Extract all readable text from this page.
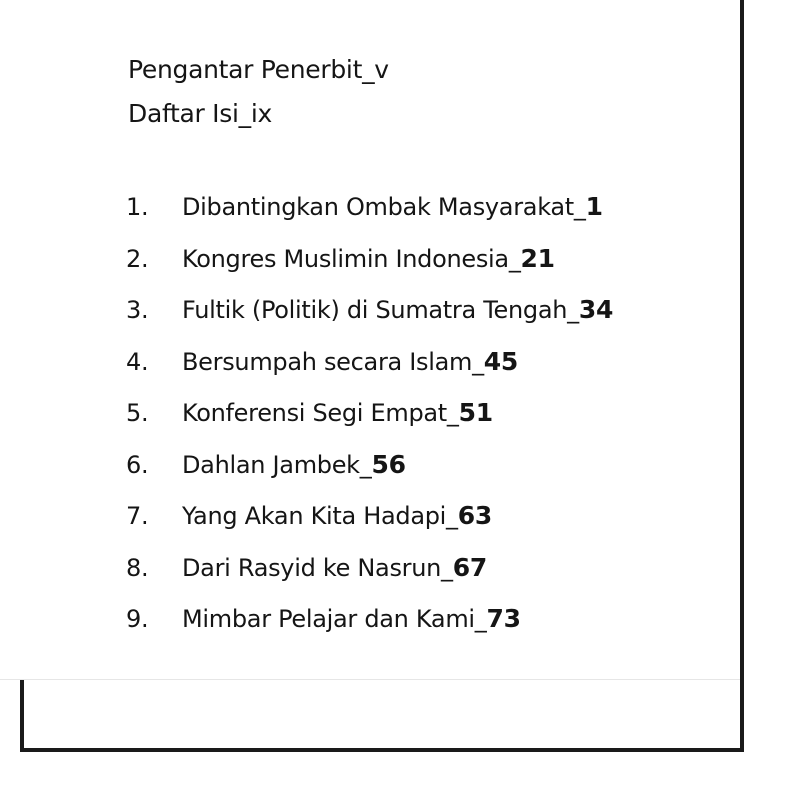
Pengantar Penerbit_v
Daftar Isi_ix
1.	Dibantingkan Ombak Masyarakat_ 1
2.	Kongres Muslimin Indonesia_ 21
3.	Fultik (Politik) di Sumatra Tengah_ 34
4.	Bersumpah secara Islam_ 45
5.	Konferensi Segi Empat_ 51
6.	Dahlan Jambek_ 56
7.	Yang Akan Kita Hadapi_ 63
8.	Dari Rasyid ke Nasrun_ 67
9.	Mimbar Pelajar dan Kami_ 73
